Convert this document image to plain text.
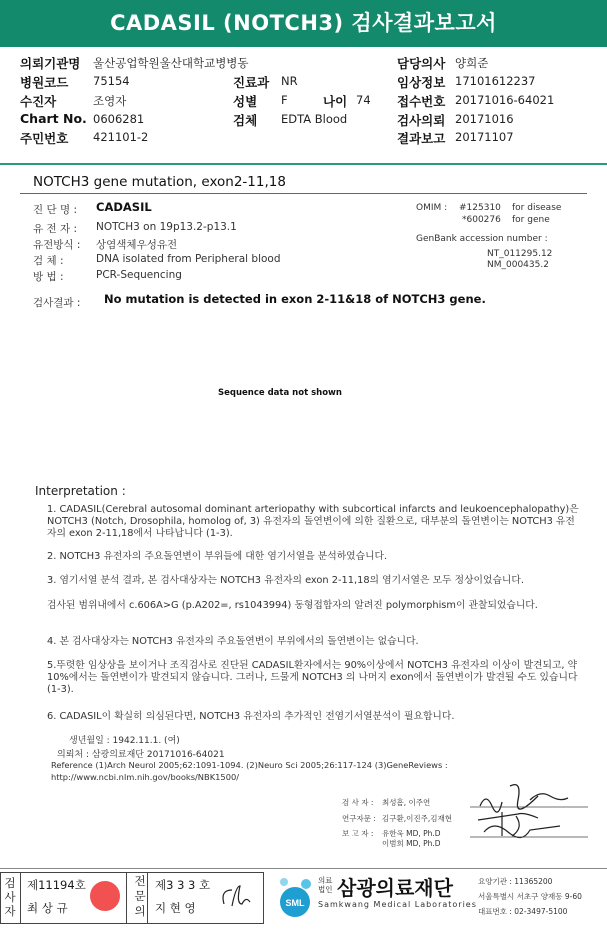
CADASIL (NOTCH3) 검사결과보고서
의뢰기관명 울산공업학원울산대학교병병동
병원코드 75154
수진자	조영자
Chart No. 0606281
주민번호 421101-2
진료과 NR
성별 F	나이 74
검체 EDTA Blood
담당의사 양희준
임상정보 17101612237
접수번호 20171016-64021
검사의뢰 20171016
결과보고 20171107
NOTCH3 gene mutation, exon2-11,18
진 단 명 : CADASIL
유 전 자 : NOTCH3 on 19p13.2-p13.1
유전방식 : 상염색체우성유전
검 체 :	DNA isolated from Peripheral blood
방 법 :	PCR-Sequencing
OMIM : #125310 for disease
*600276 for gene
GenBank accession number :
NT_011295.12
NM_000435.2
검사결과 : No mutation is detected in exon 2-11&18 of NOTCH3 gene.
Sequence data not shown
Interpretation :
1. CADASIL(Cerebral autosomal dominant arteriopathy with subcortical infarcts and leukoencephalopathy)은 NOTCH3 (Notch, Drosophila, homolog of, 3) 유전자의 돌연변이에 의한 질환으로, 대부분의 돌연변이는 NOTCH3 유전자의 exon 2-11,18에서 나타납니다 (1-3).
2. NOTCH3 유전자의 주요돌연변이 부위들에 대한 염기서열을 분석하였습니다.
3. 염기서열 분석 결과, 본 검사대상자는 NOTCH3 유전자의 exon 2-11,18의 염기서열은 모두 정상이었습니다.
검사된 범위내에서 c.606A>G (p.A202=, rs1043994) 동형접합자의 알려진 polymorphism이 관찰되었습니다.
4. 본 검사대상자는 NOTCH3 유전자의 주요돌연변이 부위에서의 돌연변이는 없습니다.
5.뚜렷한 임상상을 보이거나 조직검사로 진단된 CADASIL환자에서는 90%이상에서 NOTCH3 유전자의 이상이 발견되고, 약 10%에서는 돌연변이가 발견되지 않습니다. 그러나, 드물게 NOTCH3 의 나머지 exon에서 돌연변이가 발견될 수도 있습니다 (1-3).
6. CADASIL이 확실히 의심된다면, NOTCH3 유전자의 추가적인 전염기서열분석이 필요합니다.
생년월일 : 1942.11.1. (여)
의뢰처 : 삼광의료재단 20171016-64021
Reference (1)Arch Neurol 2005;62:1091-1094. (2)Neuro Sci 2005;26:117-124 (3)GeneReviews :
http://www.ncbi.nlm.nih.gov/books/NBK1500/
검 사 자 : 최성흠, 이주연
연구자문 : 김구환,이진주,김재현
보 고 자 : 유한욱 MD, Ph.D
이범희 MD, Ph.D
검사자
제11194호
최 상 규
전문의
제3 3 3 호
지 현 영	SML
의료
법인 삼광의료재단
Samkwang Medical Laboratories
요양기관 : 11365200
서울특별시 서초구 양재동 9-60
대표번호 : 02-3497-5100
